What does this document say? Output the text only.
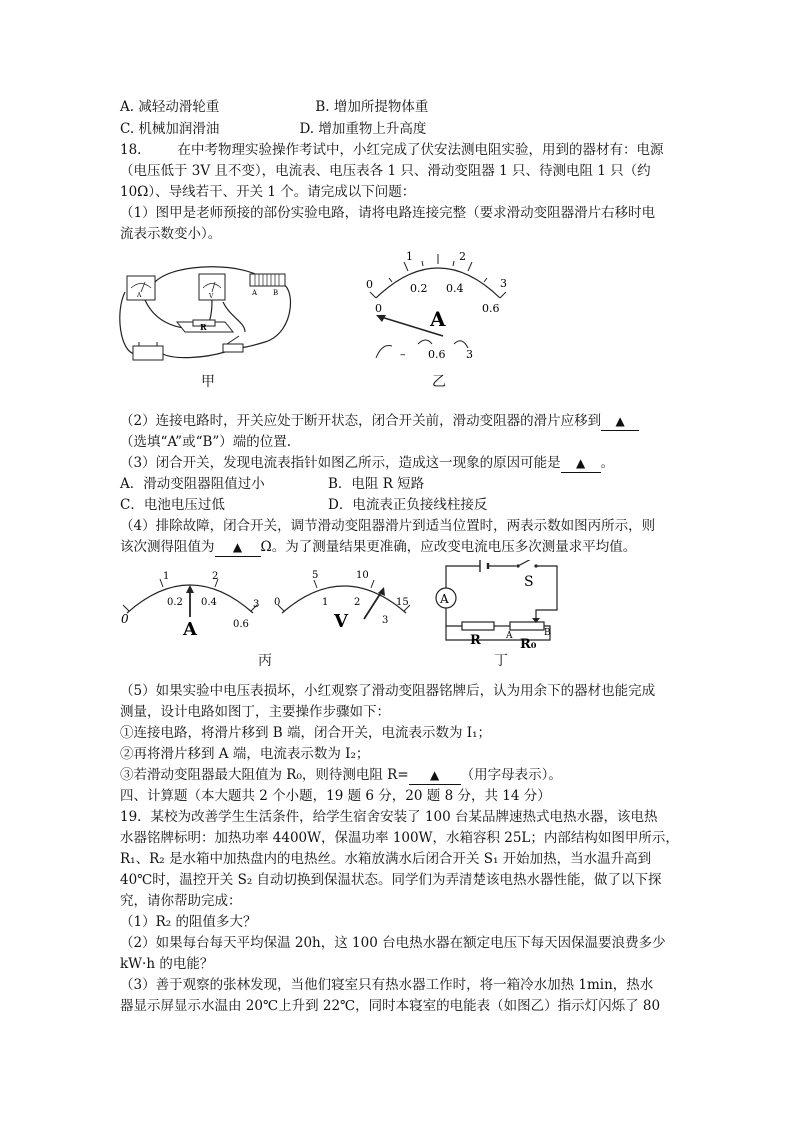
A. 减轻动滑轮重	B. 增加所提物体重
C. 机械加润滑油	D. 增加重物上升高度
18.	在中考物理实验操作考试中，小红完成了伏安法测电阻实验，用到的器材有：电源
（电压低于 3V 且不变），电流表、电压表各 1 只、滑动变阻器 1 只、待测电阻 1 只（约
10Ω）、导线若干、开关 1 个。请完成以下问题：
（1）图甲是老师预接的部份实验电路，请将电路连接完整（要求滑动变阻器滑片右移时电
流表示数变小）。
A	V	A B
R
甲
0
1	2
3
0
0.2 0.4
0.6
A
– 0.6 3
乙
（2）连接电路时，开关应处于断开状态，闭合开关前，滑动变阻器的滑片应移到 ▲
（选填“A”或“B”）端的位置.
（3）闭合开关，发现电流表指针如图乙所示，造成这一现象的原因可能是 ▲ 。
A．滑动变阻器阻值过小	B．电阻 R 短路
C．电池电压过低	D．电流表正负接线柱接反
（4）排除故障，闭合开关，调节滑动变阻器滑片到适当位置时，两表示数如图丙所示，则
该次测得阻值为 ▲ Ω。为了测量结果更准确，应改变电流电压多次测量求平均值。
0
1	2
3
0.2 0.4
0.6
A
0
5	10
15
1	2
3
V
丙
S
A
R	A	B
R₀
丁
（5）如果实验中电压表损坏，小红观察了滑动变阻器铭牌后，认为用余下的器材也能完成
测量，设计电路如图丁，主要操作步骤如下：
①连接电路，将滑片移到 B 端，闭合开关，电流表示数为 I₁；
②再将滑片移到 A 端，电流表示数为 I₂；
③若滑动变阻器最大阻值为 R₀，则待测电阻 R= ▲ （用字母表示）。
四、计算题（本大题共 2 个小题，19 题 6 分，20 题 8 分，共 14 分）
19．某校为改善学生生活条件，给学生宿舍安装了 100 台某品牌速热式电热水器，该电热
水器铭牌标明：加热功率 4400W，保温功率 100W，水箱容积 25L；内部结构如图甲所示，
R₁、R₂ 是水箱中加热盘内的电热丝。水箱放满水后闭合开关 S₁ 开始加热，当水温升高到
40℃时，温控开关 S₂ 自动切换到保温状态。同学们为弄清楚该电热水器性能，做了以下探
究，请你帮助完成：
（1）R₂ 的阻值多大？
（2）如果每台每天平均保温 20h，这 100 台电热水器在额定电压下每天因保温要浪费多少
kW·h 的电能？
（3）善于观察的张林发现，当他们寝室只有热水器工作时，将一箱冷水加热 1min，热水
器显示屏显示水温由 20℃上升到 22℃，同时本寝室的电能表（如图乙）指示灯闪烁了 80
